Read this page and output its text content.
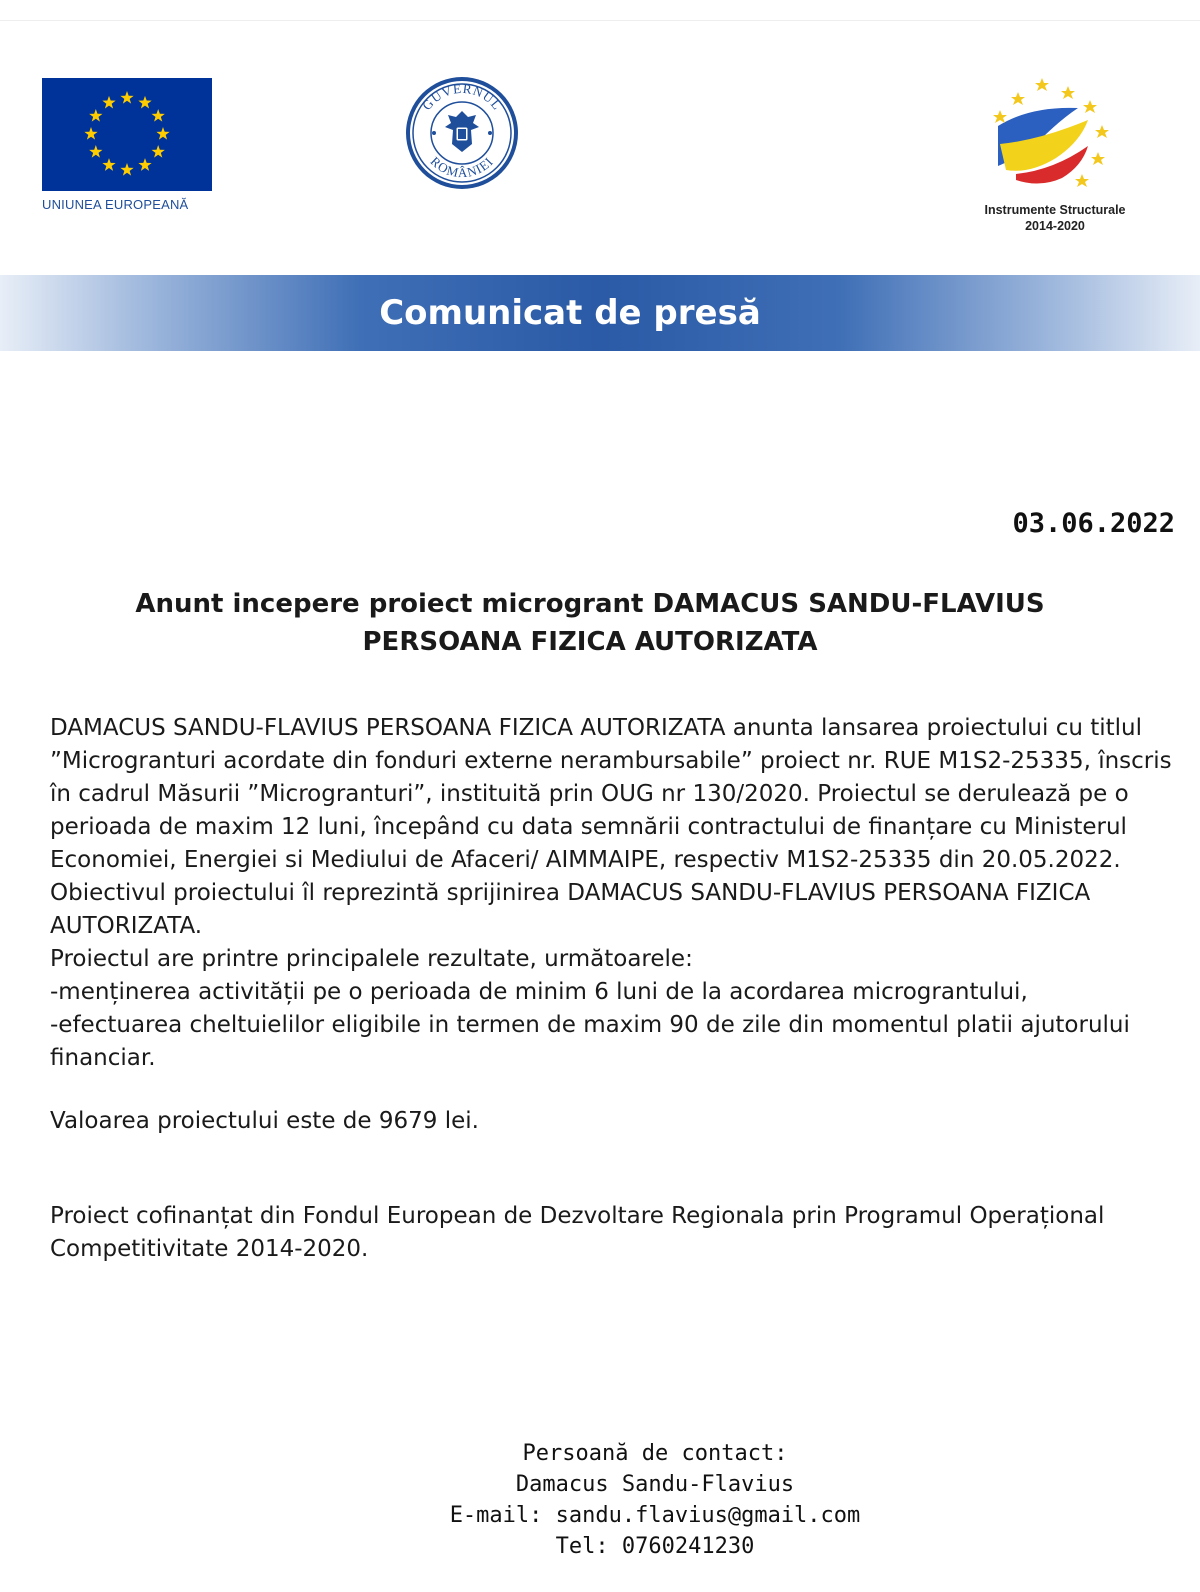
UNIUNEA EUROPEANĂ
GUVERNUL
ROMÂNIEI
Instrumente Structurale
2014-2020
Comunicat de presă
03.06.2022
Anunt incepere proiect microgrant DAMACUS SANDU-FLAVIUS
PERSOANA FIZICA AUTORIZATA

DAMACUS SANDU-FLAVIUS PERSOANA FIZICA AUTORIZATA anunta lansarea proiectului cu titlul ”Microgranturi acordate din fonduri externe nerambursabile” proiect nr. RUE M1S2-25335, înscris în cadrul Măsurii ”Microgranturi”, instituită prin OUG nr 130/2020. Proiectul se derulează pe o perioada de maxim 12 luni, începând cu data semnării contractului de finanțare cu Ministerul Economiei, Energiei si Mediului de Afaceri/ AIMMAIPE, respectiv M1S2-25335 din 20.05.2022.

Obiectivul proiectului îl reprezintă sprijinirea DAMACUS SANDU-FLAVIUS PERSOANA FIZICA AUTORIZATA.

Proiectul are printre principalele rezultate, următoarele:

-menținerea activității pe o perioada de minim 6 luni de la acordarea micrograntului,

-efectuarea cheltuielilor eligibile in termen de maxim 90 de zile din momentul platii ajutorului financiar.

Valoarea proiectului este de 9679 lei.

Proiect cofinanțat din Fondul European de Dezvoltare Regionala prin Programul Operațional Competitivitate 2014-2020.

Persoană de contact:
Damacus Sandu-Flavius
E-mail: sandu.flavius@gmail.com
Tel: 0760241230
